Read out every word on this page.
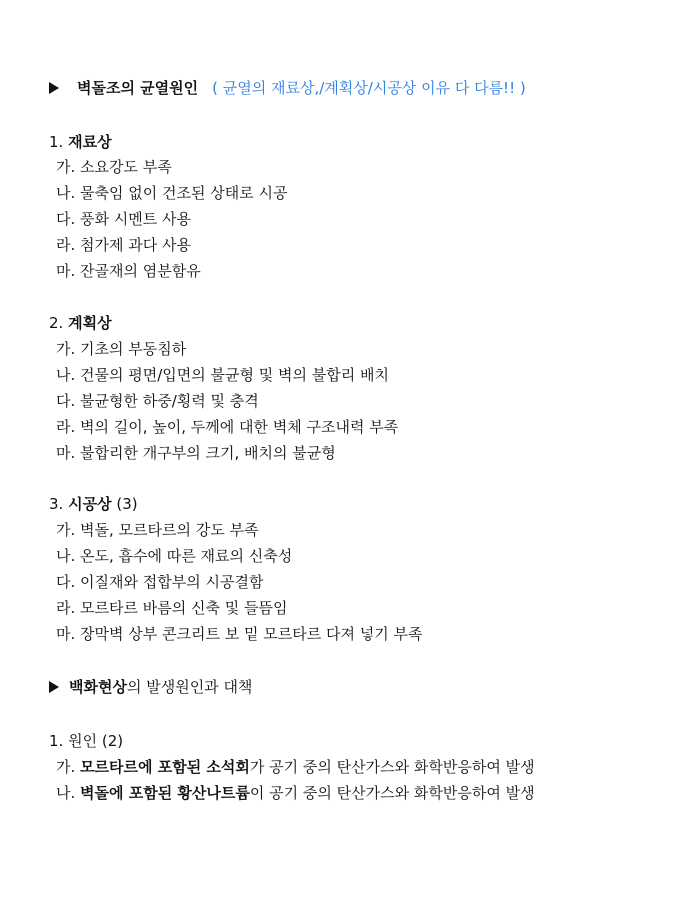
벽돌조의 균열원인 ( 균열의 재료상,/계획상/시공상 이유 다 다름!! )
1. 재료상
가. 소요강도 부족
나. 물축임 없이 건조된 상태로 시공
다. 풍화 시멘트 사용
라. 첨가제 과다 사용
마. 잔골재의 염분함유
2. 계획상
가. 기초의 부동침하
나. 건물의 평면/입면의 불균형 및 벽의 불합리 배치
다. 불균형한 하중/횡력 및 충격
라. 벽의 길이, 높이, 두께에 대한 벽체 구조내력 부족
마. 불합리한 개구부의 크기, 배치의 불균형
3. 시공상 (3)
가. 벽돌, 모르타르의 강도 부족
나. 온도, 흡수에 따른 재료의 신축성
다. 이질재와 접합부의 시공결함
라. 모르타르 바름의 신축 및 들뜸임
마. 장막벽 상부 콘크리트 보 밑 모르타르 다져 넣기 부족
백화현상의 발생원인과 대책
1. 원인 (2)
가. 모르타르에 포함된 소석회가 공기 중의 탄산가스와 화학반응하여 발생
나. 벽돌에 포함된 황산나트륨이 공기 중의 탄산가스와 화학반응하여 발생
